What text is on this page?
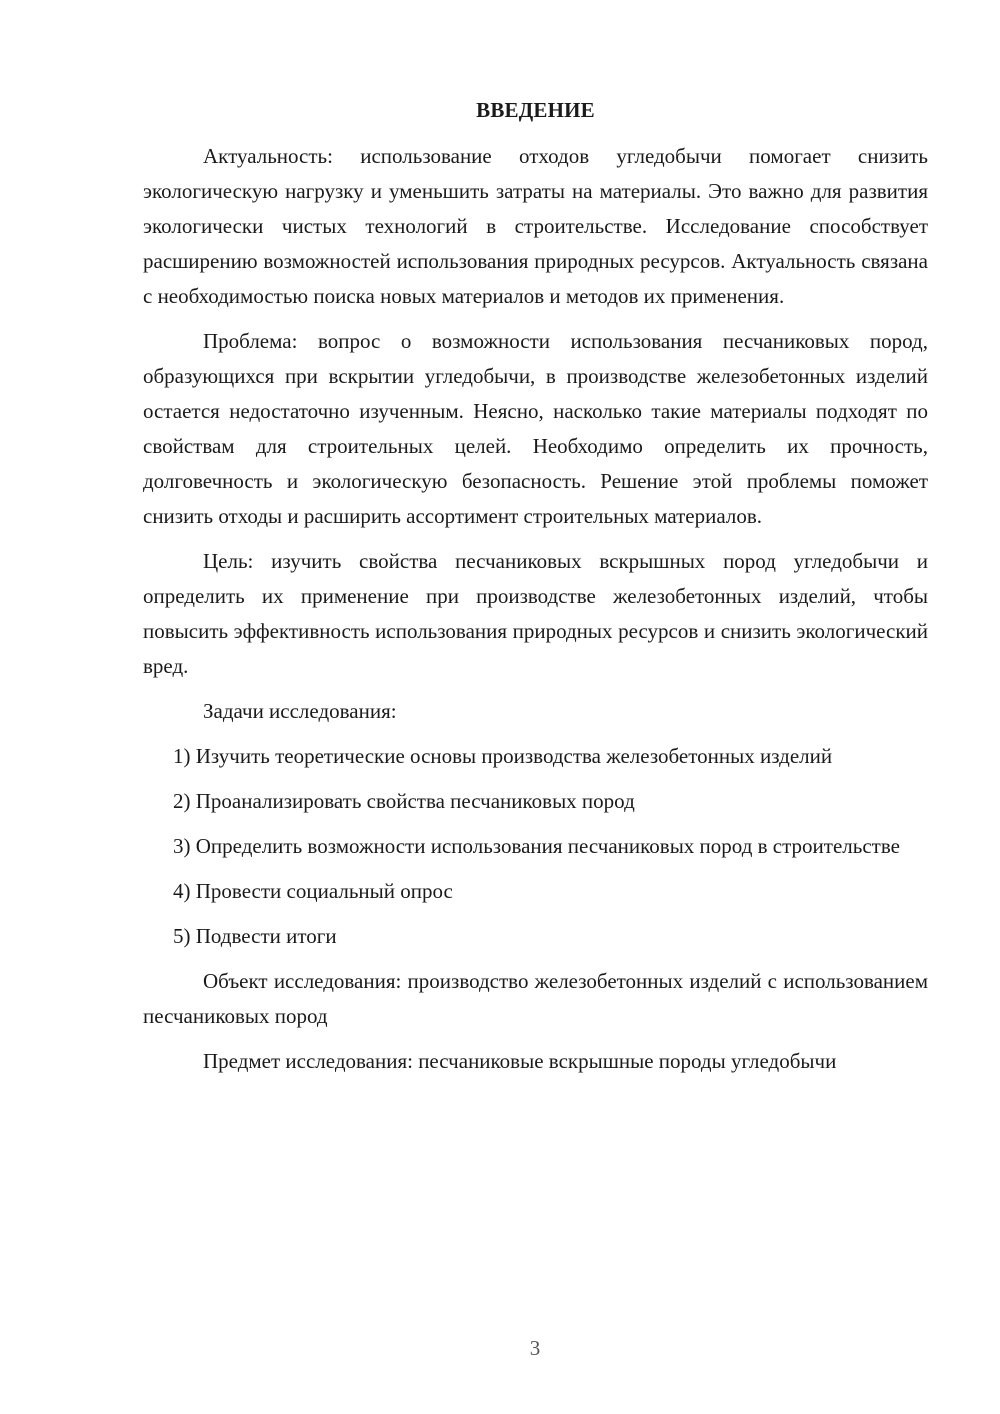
ВВЕДЕНИЕ

Актуальность: использование отходов угледобычи помогает снизить экологическую нагрузку и уменьшить затраты на материалы. Это важно для развития экологически чистых технологий в строительстве. Исследование способствует расширению возможностей использования природных ресурсов. Актуальность связана с необходимостью поиска новых материалов и методов их применения.

Проблема: вопрос о возможности использования песчаниковых пород, образующихся при вскрытии угледобычи, в производстве железобетонных изделий остается недостаточно изученным. Неясно, насколько такие материалы подходят по свойствам для строительных целей. Необходимо определить их прочность, долговечность и экологическую безопасность. Решение этой проблемы поможет снизить отходы и расширить ассортимент строительных материалов.

Цель: изучить свойства песчаниковых вскрышных пород угледобычи и определить их применение при производстве железобетонных изделий, чтобы повысить эффективность использования природных ресурсов и снизить экологический вред.

Задачи исследования:

1) Изучить теоретические основы производства железобетонных изделий

2) Проанализировать свойства песчаниковых пород

3) Определить возможности использования песчаниковых пород в строительстве

4) Провести социальный опрос

5) Подвести итоги

Объект исследования: производство железобетонных изделий с использованием песчаниковых пород

Предмет исследования: песчаниковые вскрышные породы угледобычи

3
